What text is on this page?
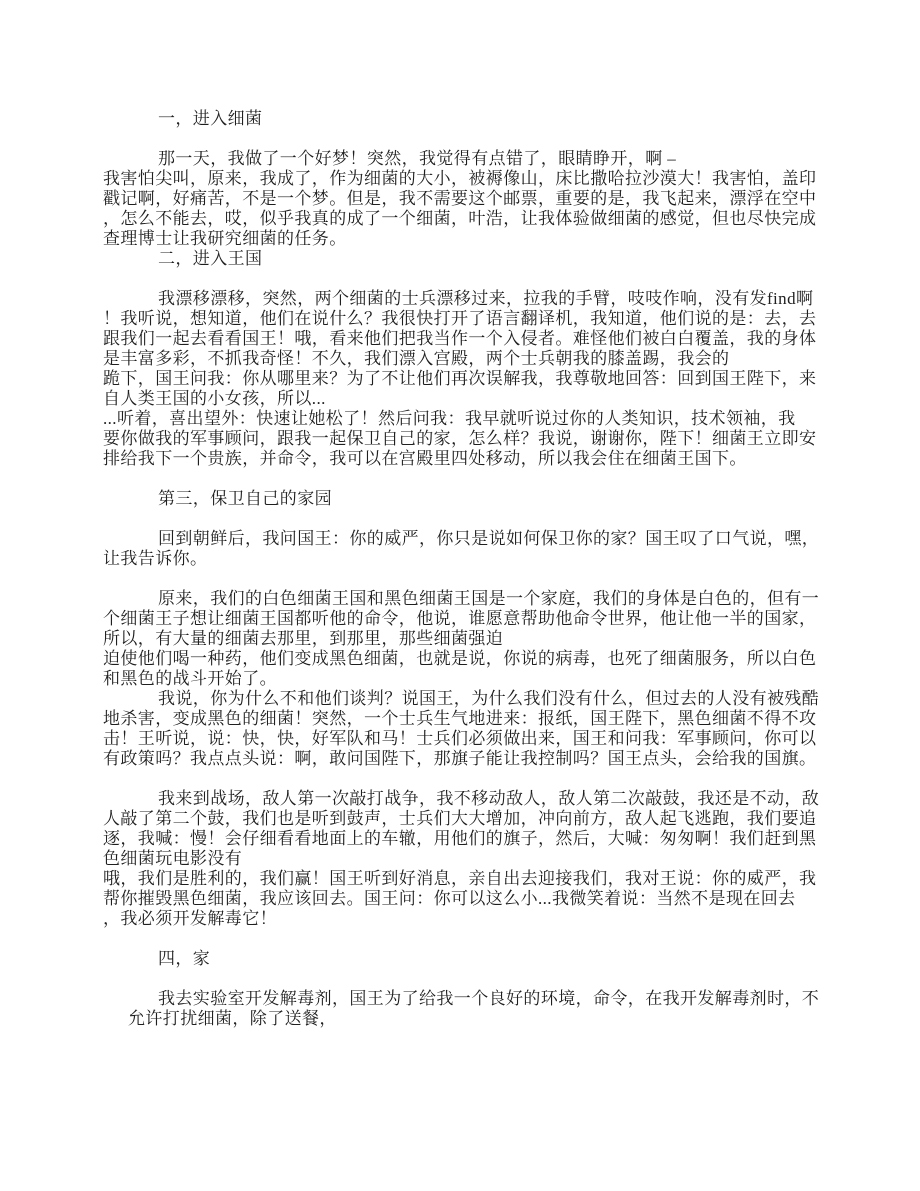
一，进入细菌
那一天，我做了一个好梦！突然，我觉得有点错了，眼睛睁开，啊 –
我害怕尖叫，原来，我成了，作为细菌的大小，被褥像山，床比撒哈拉沙漠大！我害怕，盖印
戳记啊，好痛苦，不是一个梦。但是，我不需要这个邮票，重要的是，我飞起来，漂浮在空中
，怎么不能去，哎，似乎我真的成了一个细菌，叶浩，让我体验做细菌的感觉，但也尽快完成
查理博士让我研究细菌的任务。
二，进入王国
我漂移漂移，突然，两个细菌的士兵漂移过来，拉我的手臂，吱吱作响，没有发find啊
！我听说，想知道，他们在说什么？我很快打开了语言翻译机，我知道，他们说的是：去，去
跟我们一起去看看国王！哦，看来他们把我当作一个入侵者。难怪他们被白白覆盖，我的身体
是丰富多彩，不抓我奇怪！不久，我们漂入宫殿，两个士兵朝我的膝盖踢，我会的
跪下，国王问我：你从哪里来？为了不让他们再次误解我，我尊敬地回答：回到国王陛下，来
自人类王国的小女孩，所以...
...听着，喜出望外：快速让她松了！然后问我：我早就听说过你的人类知识，技术领袖，我
要你做我的军事顾问，跟我一起保卫自己的家，怎么样？我说，谢谢你，陛下！细菌王立即安
排给我下一个贵族，并命令，我可以在宫殿里四处移动，所以我会住在细菌王国下。
第三，保卫自己的家园
回到朝鲜后，我问国王：你的威严，你只是说如何保卫你的家？国王叹了口气说，嘿，
让我告诉你。
原来，我们的白色细菌王国和黑色细菌王国是一个家庭，我们的身体是白色的，但有一
个细菌王子想让细菌王国都听他的命令，他说，谁愿意帮助他命令世界，他让他一半的国家，
所以，有大量的细菌去那里，到那里，那些细菌强迫
迫使他们喝一种药，他们变成黑色细菌，也就是说，你说的病毒，也死了细菌服务，所以白色
和黑色的战斗开始了。
我说，你为什么不和他们谈判？说国王，为什么我们没有什么，但过去的人没有被残酷
地杀害，变成黑色的细菌！突然，一个士兵生气地进来：报纸，国王陛下，黑色细菌不得不攻
击！王听说，说：快，快，好军队和马！士兵们必须做出来，国王和问我：军事顾问，你可以
有政策吗？我点点头说：啊，敢问国陛下，那旗子能让我控制吗？国王点头，会给我的国旗。
我来到战场，敌人第一次敲打战争，我不移动敌人，敌人第二次敲鼓，我还是不动，敌
人敲了第二个鼓，我们也是听到鼓声，士兵们大大增加，冲向前方，敌人起飞逃跑，我们要追
逐，我喊：慢！会仔细看看地面上的车辙，用他们的旗子，然后，大喊：匆匆啊！我们赶到黑
色细菌玩电影没有
哦，我们是胜利的，我们赢！国王听到好消息，亲自出去迎接我们，我对王说：你的威严，我
帮你摧毁黑色细菌，我应该回去。国王问：你可以这么小...我微笑着说：当然不是现在回去
，我必须开发解毒它！
四，家
我去实验室开发解毒剂，国王为了给我一个良好的环境，命令，在我开发解毒剂时，不
允许打扰细菌，除了送餐，
